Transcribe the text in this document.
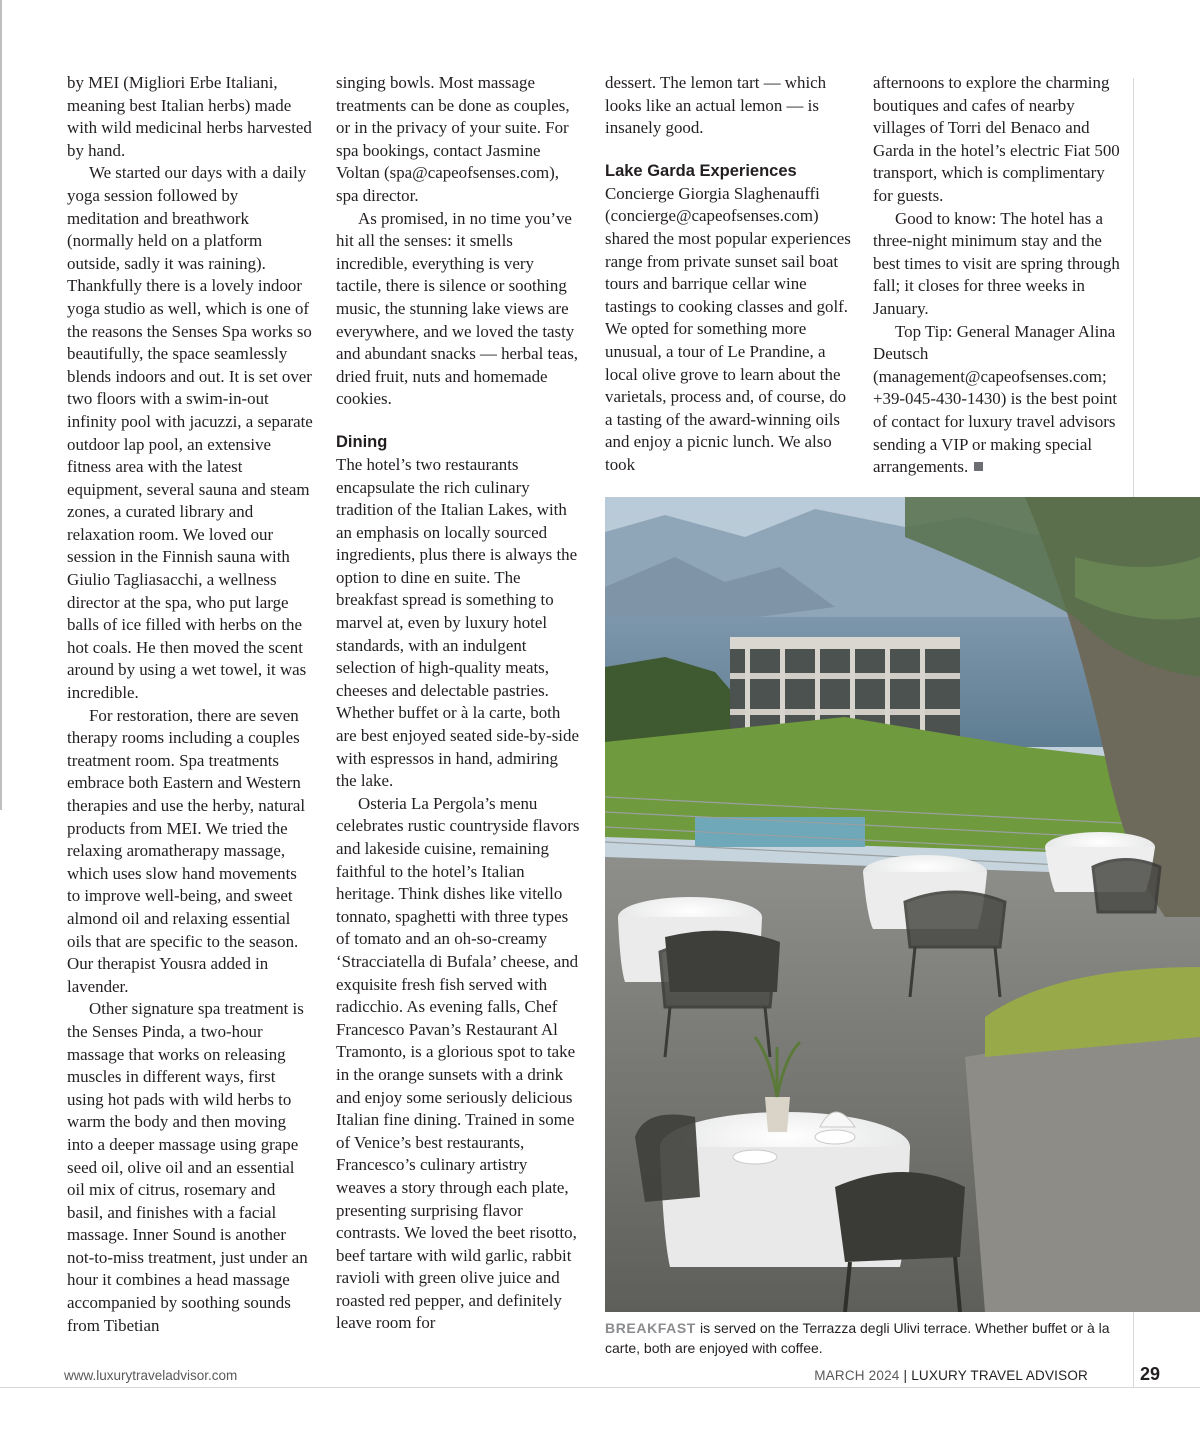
by MEI (Migliori Erbe Italiani, meaning best Italian herbs) made with wild medicinal herbs harvested by hand.

We started our days with a daily yoga session followed by meditation and breathwork (normally held on a platform outside, sadly it was raining). Thankfully there is a lovely indoor yoga studio as well, which is one of the reasons the Senses Spa works so beautifully, the space seamlessly blends indoors and out. It is set over two floors with a swim-in-out infinity pool with jacuzzi, a separate outdoor lap pool, an extensive fitness area with the latest equipment, several sauna and steam zones, a curated library and relaxation room. We loved our session in the Finnish sauna with Giulio Tagliasacchi, a wellness director at the spa, who put large balls of ice filled with herbs on the hot coals. He then moved the scent around by using a wet towel, it was incredible.

For restoration, there are seven therapy rooms including a couples treatment room. Spa treatments embrace both Eastern and Western therapies and use the herby, natural products from MEI. We tried the relaxing aromatherapy massage, which uses slow hand movements to improve well-being, and sweet almond oil and relaxing essential oils that are specific to the season. Our therapist Yousra added in lavender.

Other signature spa treatment is the Senses Pinda, a two-hour massage that works on releasing muscles in different ways, first using hot pads with wild herbs to warm the body and then moving into a deeper massage using grape seed oil, olive oil and an essential oil mix of citrus, rosemary and basil, and finishes with a facial massage. Inner Sound is another not-to-miss treatment, just under an hour it combines a head massage accompanied by soothing sounds from Tibetian

singing bowls. Most massage treatments can be done as couples, or in the privacy of your suite. For spa bookings, contact Jasmine Voltan (spa@capeofsenses.com), spa director.

As promised, in no time you’ve hit all the senses: it smells incredible, everything is very tactile, there is silence or soothing music, the stunning lake views are everywhere, and we loved the tasty and abundant snacks — herbal teas, dried fruit, nuts and homemade cookies.

Dining

The hotel’s two restaurants encapsulate the rich culinary tradition of the Italian Lakes, with an emphasis on locally sourced ingredients, plus there is always the option to dine en suite. The breakfast spread is something to marvel at, even by luxury hotel standards, with an indulgent selection of high-quality meats, cheeses and delectable pastries. Whether buffet or à la carte, both are best enjoyed seated side-by-side with espressos in hand, admiring the lake.

Osteria La Pergola’s menu celebrates rustic countryside flavors and lakeside cuisine, remaining faithful to the hotel’s Italian heritage. Think dishes like vitello tonnato, spaghetti with three types of tomato and an oh-so-creamy ‘Stracciatella di Bufala’ cheese, and exquisite fresh fish served with radicchio. As evening falls, Chef Francesco Pavan’s Restaurant Al Tramonto, is a glorious spot to take in the orange sunsets with a drink and enjoy some seriously delicious Italian fine dining. Trained in some of Venice’s best restaurants, Francesco’s culinary artistry weaves a story through each plate, presenting surprising flavor contrasts. We loved the beet risotto, beef tartare with wild garlic, rabbit ravioli with green olive juice and roasted red pepper, and definitely leave room for

dessert. The lemon tart — which looks like an actual lemon — is insanely good.

Lake Garda Experiences

Concierge Giorgia Slaghenauffi (concierge@capeofsenses.com) shared the most popular experiences range from private sunset sail boat tours and barrique cellar wine tastings to cooking classes and golf. We opted for something more unusual, a tour of Le Prandine, a local olive grove to learn about the varietals, process and, of course, do a tasting of the award-winning oils and enjoy a picnic lunch. We also took

afternoons to explore the charming boutiques and cafes of nearby villages of Torri del Benaco and Garda in the hotel’s electric Fiat 500 transport, which is complimentary for guests.

Good to know: The hotel has a three-night minimum stay and the best times to visit are spring through fall; it closes for three weeks in January.

Top Tip: General Manager Alina Deutsch (management@capeofsenses.com; +39-045-430-1430) is the best point of contact for luxury travel advisors sending a VIP or making special arrangements.

BREAKFAST is served on the Terrazza degli Ulivi terrace. Whether buffet or à la carte, both are enjoyed with coffee.
www.luxurytraveladvisor.com	MARCH 2024 | LUXURY TRAVEL ADVISOR	29
